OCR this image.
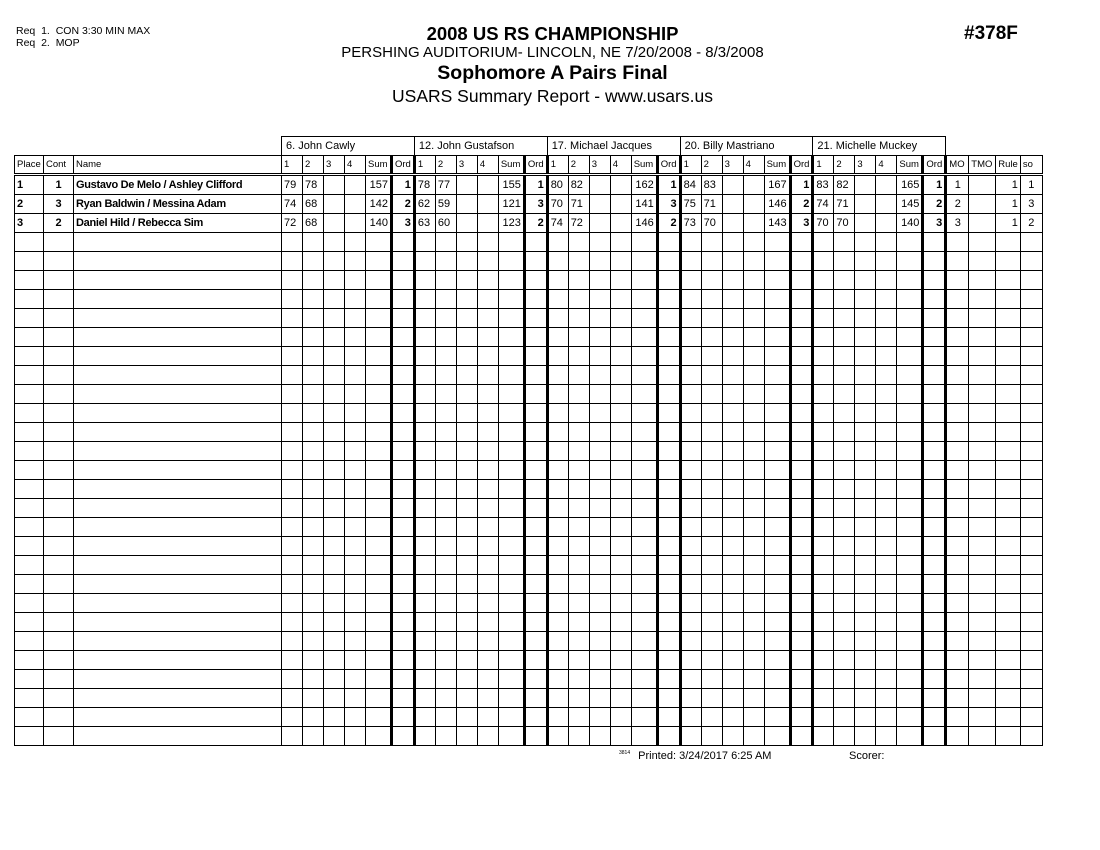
Req  1.  CON 3:30 MIN MAX
Req  2.  MOP	2008 US RS CHAMPIONSHIP
PERSHING AUDITORIUM- LINCOLN, NE 7/20/2008 - 8/3/2008
Sophomore A Pairs Final
USARS Summary Report - www.usars.us
#378F
			6. John Cawly						12. John Gustafson						17. Michael Jacques						20. Billy Mastriano						21. Michelle Muckey									
Place	Cont	Name	1	2	3	4	Sum	Ord	1	2	3	4	Sum	Ord	1	2	3	4	Sum	Ord	1	2	3	4	Sum	Ord	1	2	3	4	Sum	Ord	MO	TMO	Rule	so
1	1	Gustavo De Melo / Ashley Clifford	79	78			157	1	78	77			155	1	80	82			162	1	84	83			167	1	83	82			165	1	1		1	1
2	3	Ryan Baldwin / Messina Adam	74	68			142	2	62	59			121	3	70	71			141	3	75	71			146	2	74	71			145	2	2		1	3
3	2	Daniel Hild / Rebecca Sim	72	68			140	3	63	60			123	2	74	72			146	2	73	70			143	3	70	70			140	3	3		1	2

$^{3814}$ Printed: 3/24/2017 6:25 AM	Scorer:
